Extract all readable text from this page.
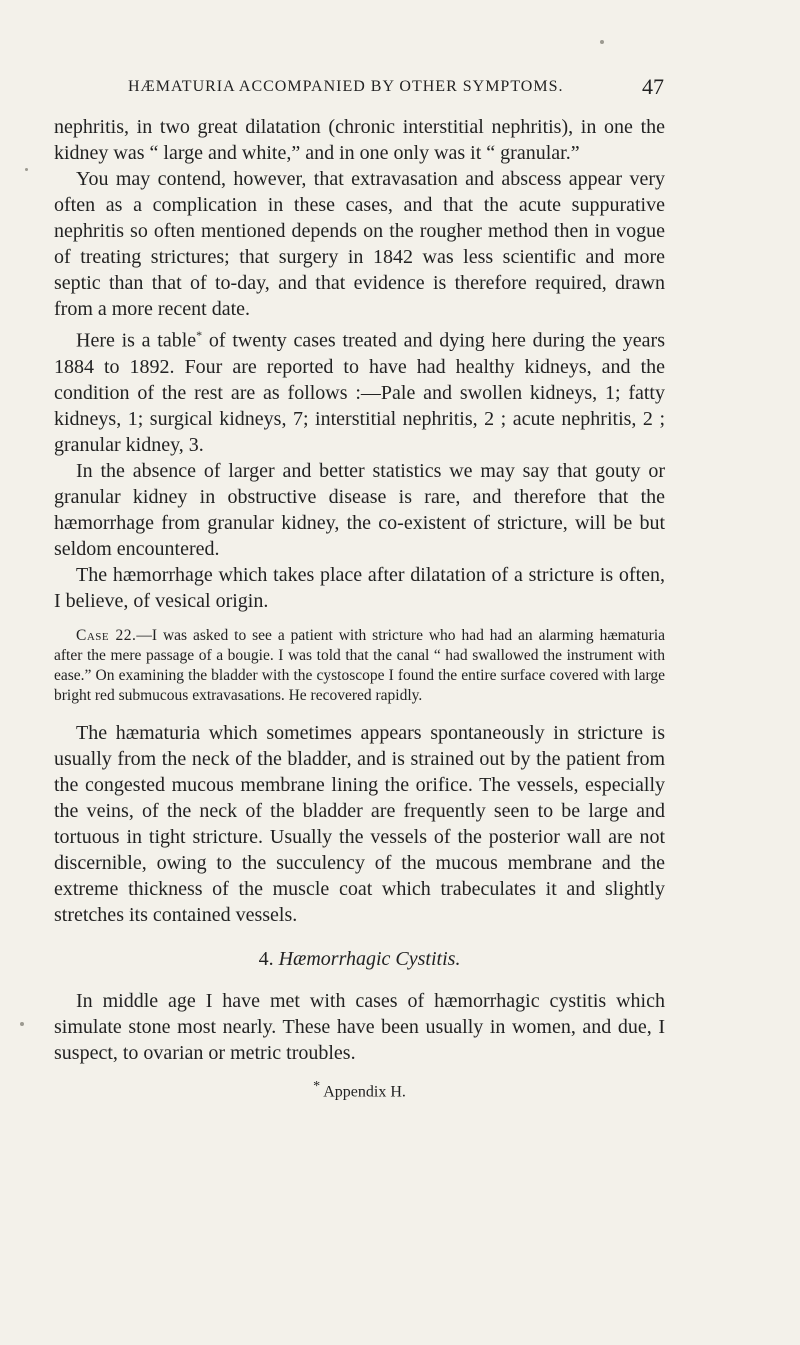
HÆMATURIA ACCOMPANIED BY OTHER SYMPTOMS.	47

nephritis, in two great dilatation (chronic interstitial nephritis), in one the kidney was “ large and white,” and in one only was it “ granular.”

You may contend, however, that extravasation and abscess appear very often as a complication in these cases, and that the acute suppurative nephritis so often mentioned depends on the rougher method then in vogue of treating strictures; that surgery in 1842 was less scientific and more septic than that of to-day, and that evidence is therefore required, drawn from a more recent date.

Here is a table* of twenty cases treated and dying here during the years 1884 to 1892. Four are reported to have had healthy kidneys, and the condition of the rest are as follows :—Pale and swollen kidneys, 1; fatty kidneys, 1; surgical kidneys, 7; interstitial nephritis, 2 ; acute nephritis, 2 ; granular kidney, 3.

In the absence of larger and better statistics we may say that gouty or granular kidney in obstructive disease is rare, and therefore that the hæmorrhage from granular kidney, the co-existent of stricture, will be but seldom encountered.

The hæmorrhage which takes place after dilatation of a stricture is often, I believe, of vesical origin.

Case 22.—I was asked to see a patient with stricture who had had an alarming hæmaturia after the mere passage of a bougie. I was told that the canal “ had swallowed the instrument with ease.” On examining the bladder with the cystoscope I found the entire surface covered with large bright red submucous extravasations. He recovered rapidly.

The hæmaturia which sometimes appears spontaneously in stricture is usually from the neck of the bladder, and is strained out by the patient from the congested mucous membrane lining the orifice. The vessels, especially the veins, of the neck of the bladder are frequently seen to be large and tortuous in tight stricture. Usually the vessels of the posterior wall are not discernible, owing to the succulency of the mucous membrane and the extreme thickness of the muscle coat which trabeculates it and slightly stretches its contained vessels.

4. Hæmorrhagic Cystitis.

In middle age I have met with cases of hæmorrhagic cystitis which simulate stone most nearly. These have been usually in women, and due, I suspect, to ovarian or metric troubles.

* Appendix H.
